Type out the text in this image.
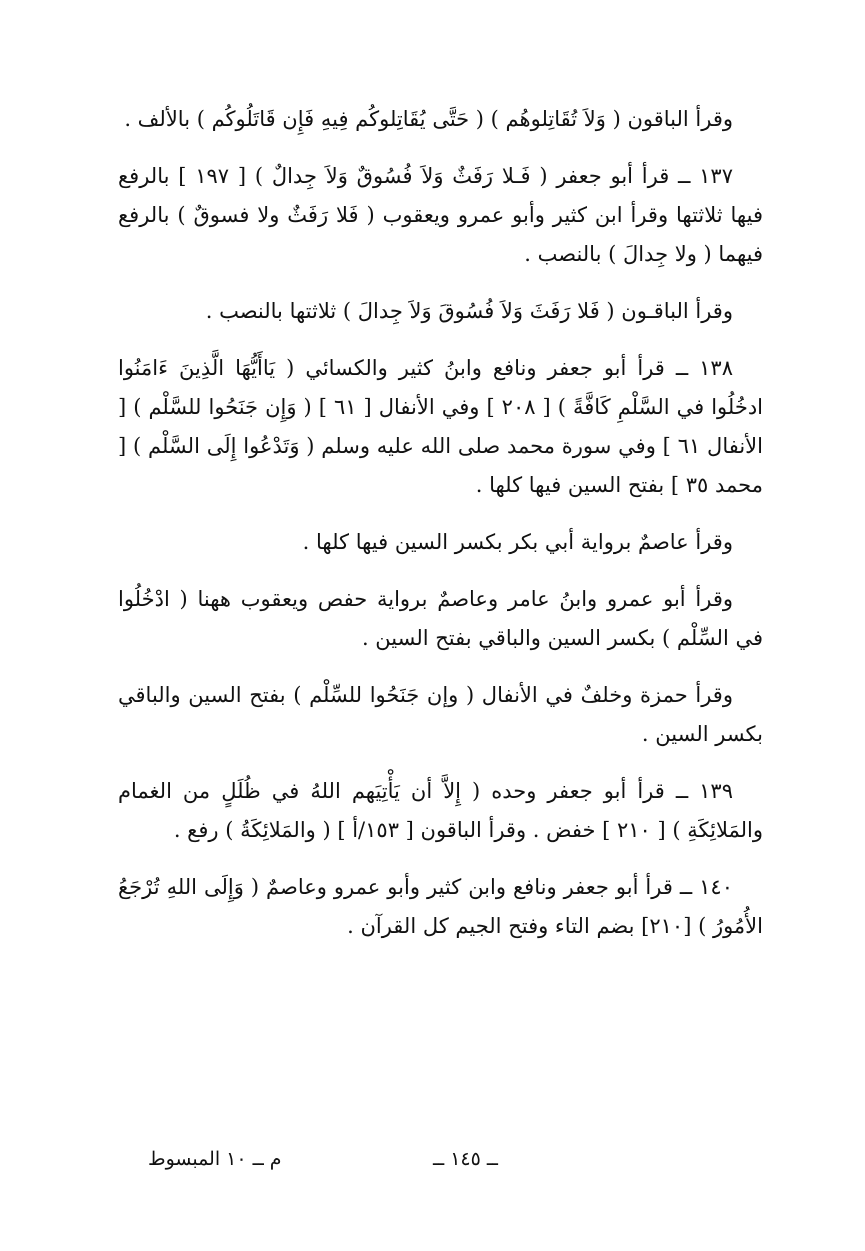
وقرأ الباقون ( وَلاَ تُقَاتِلوهُم ) ( حَتَّى يُقَاتِلوكُم فِيهِ فَإِن قَاتَلُوكُم ) بالألف .

١٣٧ ــ قرأ أبو جعفر ( فَـلا رَفَثٌ وَلاَ فُسُوقٌ وَلاَ جِدالٌ ) [ ١٩٧ ] بالرفع فيها ثلاثتها وقرأ ابن كثير وأبو عمرو ويعقوب ( فَلا رَفَثٌ ولا فسوقٌ ) بالرفع فيهما ( ولا جِدالَ ) بالنصب .

وقرأ الباقـون ( فَلا رَفَثَ وَلاَ فُسُوقَ وَلاَ جِدالَ ) ثلاثتها بالنصب .

١٣٨ ــ قرأ أبو جعفر ونافع وابنُ كثير والكسائي ( يَاأَيُّهَا الَّذِينَ ءَامَنُوا ادخُلُوا في السَّلْمِ كَافَّةً ) [ ٢٠٨ ] وفي الأنفال [ ٦١ ] ( وَإِن جَنَحُوا للسَّلْم ) [ الأنفال ٦١ ] وفي سورة محمد صلى الله عليه وسلم ( وَتَدْعُوا إِلَى السَّلْم ) [ محمد ٣٥ ] بفتح السين فيها كلها .

وقرأ عاصمٌ برواية أبي بكر بكسر السين فيها كلها .

وقرأ أبو عمرو وابنُ عامر وعاصمٌ برواية حفص ويعقوب ههنا ( ادْخُلُوا في السِّلْم ) بكسر السين والباقي بفتح السين .

وقرأ حمزة وخلفٌ في الأنفال ( وإن جَنَحُوا للسِّلْم ) بفتح السين والباقي بكسر السين .

١٣٩ ــ قرأ أبو جعفر وحده ( إِلاَّ أن يَأْتِيَهم اللهُ في ظُلَلٍ من الغمام والمَلائِكَةِ ) [ ٢١٠ ] خفض . وقرأ الباقون [ ١٥٣/أ ] ( والمَلائِكَةُ ) رفع .

١٤٠ ــ قرأ أبو جعفر ونافع وابن كثير وأبو عمرو وعاصمٌ ( وَإِلَى اللهِ تُرْجَعُ الأُمُورُ ) [٢١٠] بضم التاء وفتح الجيم كل القرآن .

ــ ١٤٥ ــ
م ــ ١٠ المبسوط
